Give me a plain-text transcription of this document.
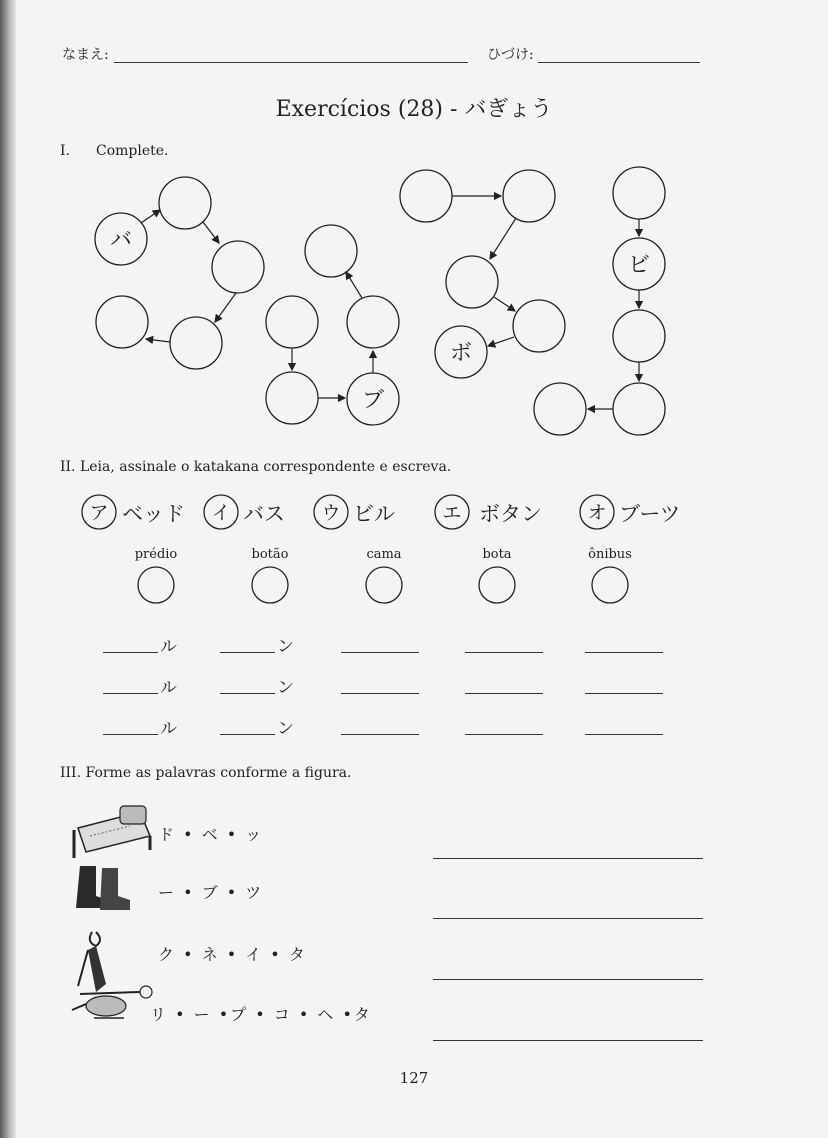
なまえ:	ひづけ:
Exercícios (28) - バぎょう
I. Complete.
バ
ブ
ボ
ビ
ア	イ	ウ	エ	オ
II. Leia, assinale o katakana correspondente e escreva.
ベッド	バス	ビル	ボタン	ブーツ
prédio	botão	cama	bota	ônibus
ル	ン
ル	ン
ル	ン
III. Forme as palavras conforme a figura.
ド • ベ • ッ
ー • ブ • ツ
ク • ネ • イ • タ
リ • ー •プ • コ • ヘ •タ
127
